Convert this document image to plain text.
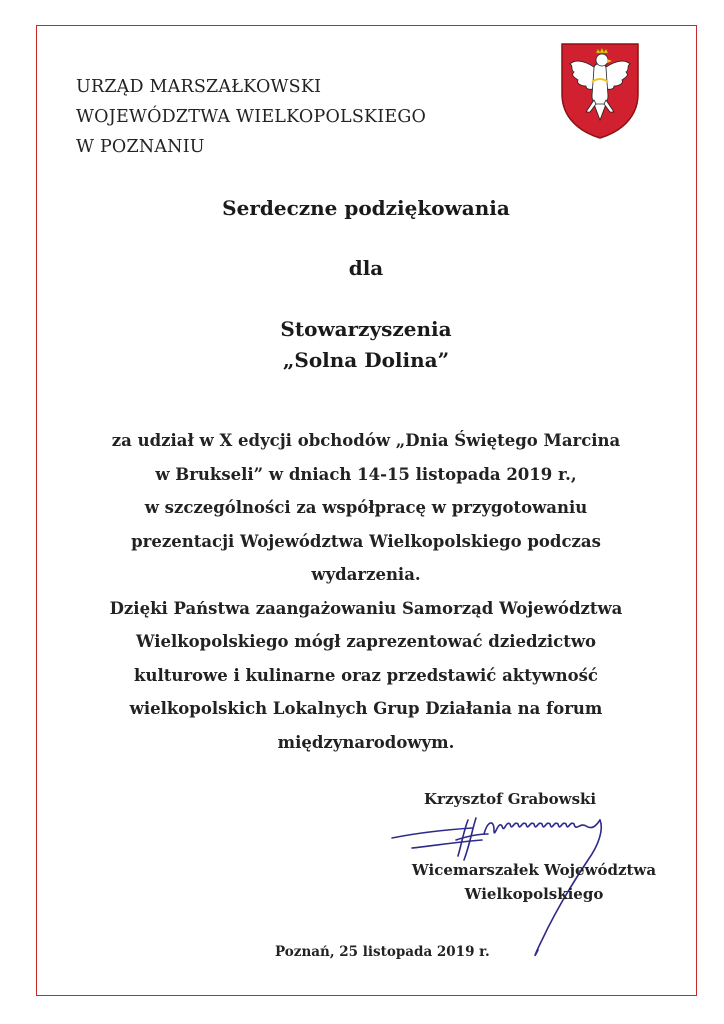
URZĄD MARSZAŁKOWSKI
WOJEWÓDZTWA WIELKOPOLSKIEGO
W POZNANIU
Serdeczne podziękowania
dla
Stowarzyszenia
„Solna Dolina”
za udział w X edycji obchodów „Dnia Świętego Marcina
w Brukseli” w dniach 14-15 listopada 2019 r.,
w szczególności za współpracę w przygotowaniu
prezentacji Województwa Wielkopolskiego podczas
wydarzenia.
Dzięki Państwa zaangażowaniu Samorząd Województwa
Wielkopolskiego mógł zaprezentować dziedzictwo
kulturowe i kulinarne oraz przedstawić aktywność
wielkopolskich Lokalnych Grup Działania na forum
międzynarodowym.
Krzysztof Grabowski
Wicemarszałek Województwa
Wielkopolskiego
Poznań, 25 listopada 2019 r.
